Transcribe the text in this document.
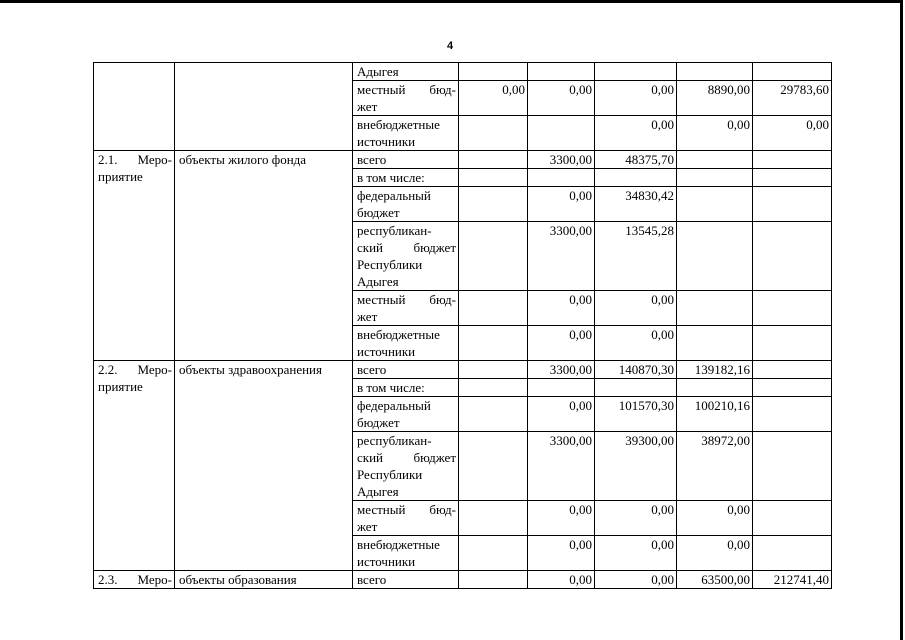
4

		Адыгея					

		местный бюд-
жет	0,00	0,00	0,00	8890,00	29783,60

		внебюджетные
источники			0,00	0,00	0,00

2.1. Меро-
приятие	объекты жилого фонда	всего		3300,00	48375,70		

		в том числе:					

		федеральный
бюджет		0,00	34830,42		

		республикан-
ский бюджет
Республики
Адыгея		3300,00	13545,28		

		местный бюд-
жет		0,00	0,00		

		внебюджетные
источники		0,00	0,00		

2.2. Меро-
приятие	объекты здравоохранения	всего		3300,00	140870,30	139182,16	

		в том числе:					

		федеральный
бюджет		0,00	101570,30	100210,16	

		республикан-
ский бюджет
Республики
Адыгея		3300,00	39300,00	38972,00	

		местный бюд-
жет		0,00	0,00	0,00	

		внебюджетные
источники		0,00	0,00	0,00	

2.3. Меро-	объекты образования	всего		0,00	0,00	63500,00	212741,40
